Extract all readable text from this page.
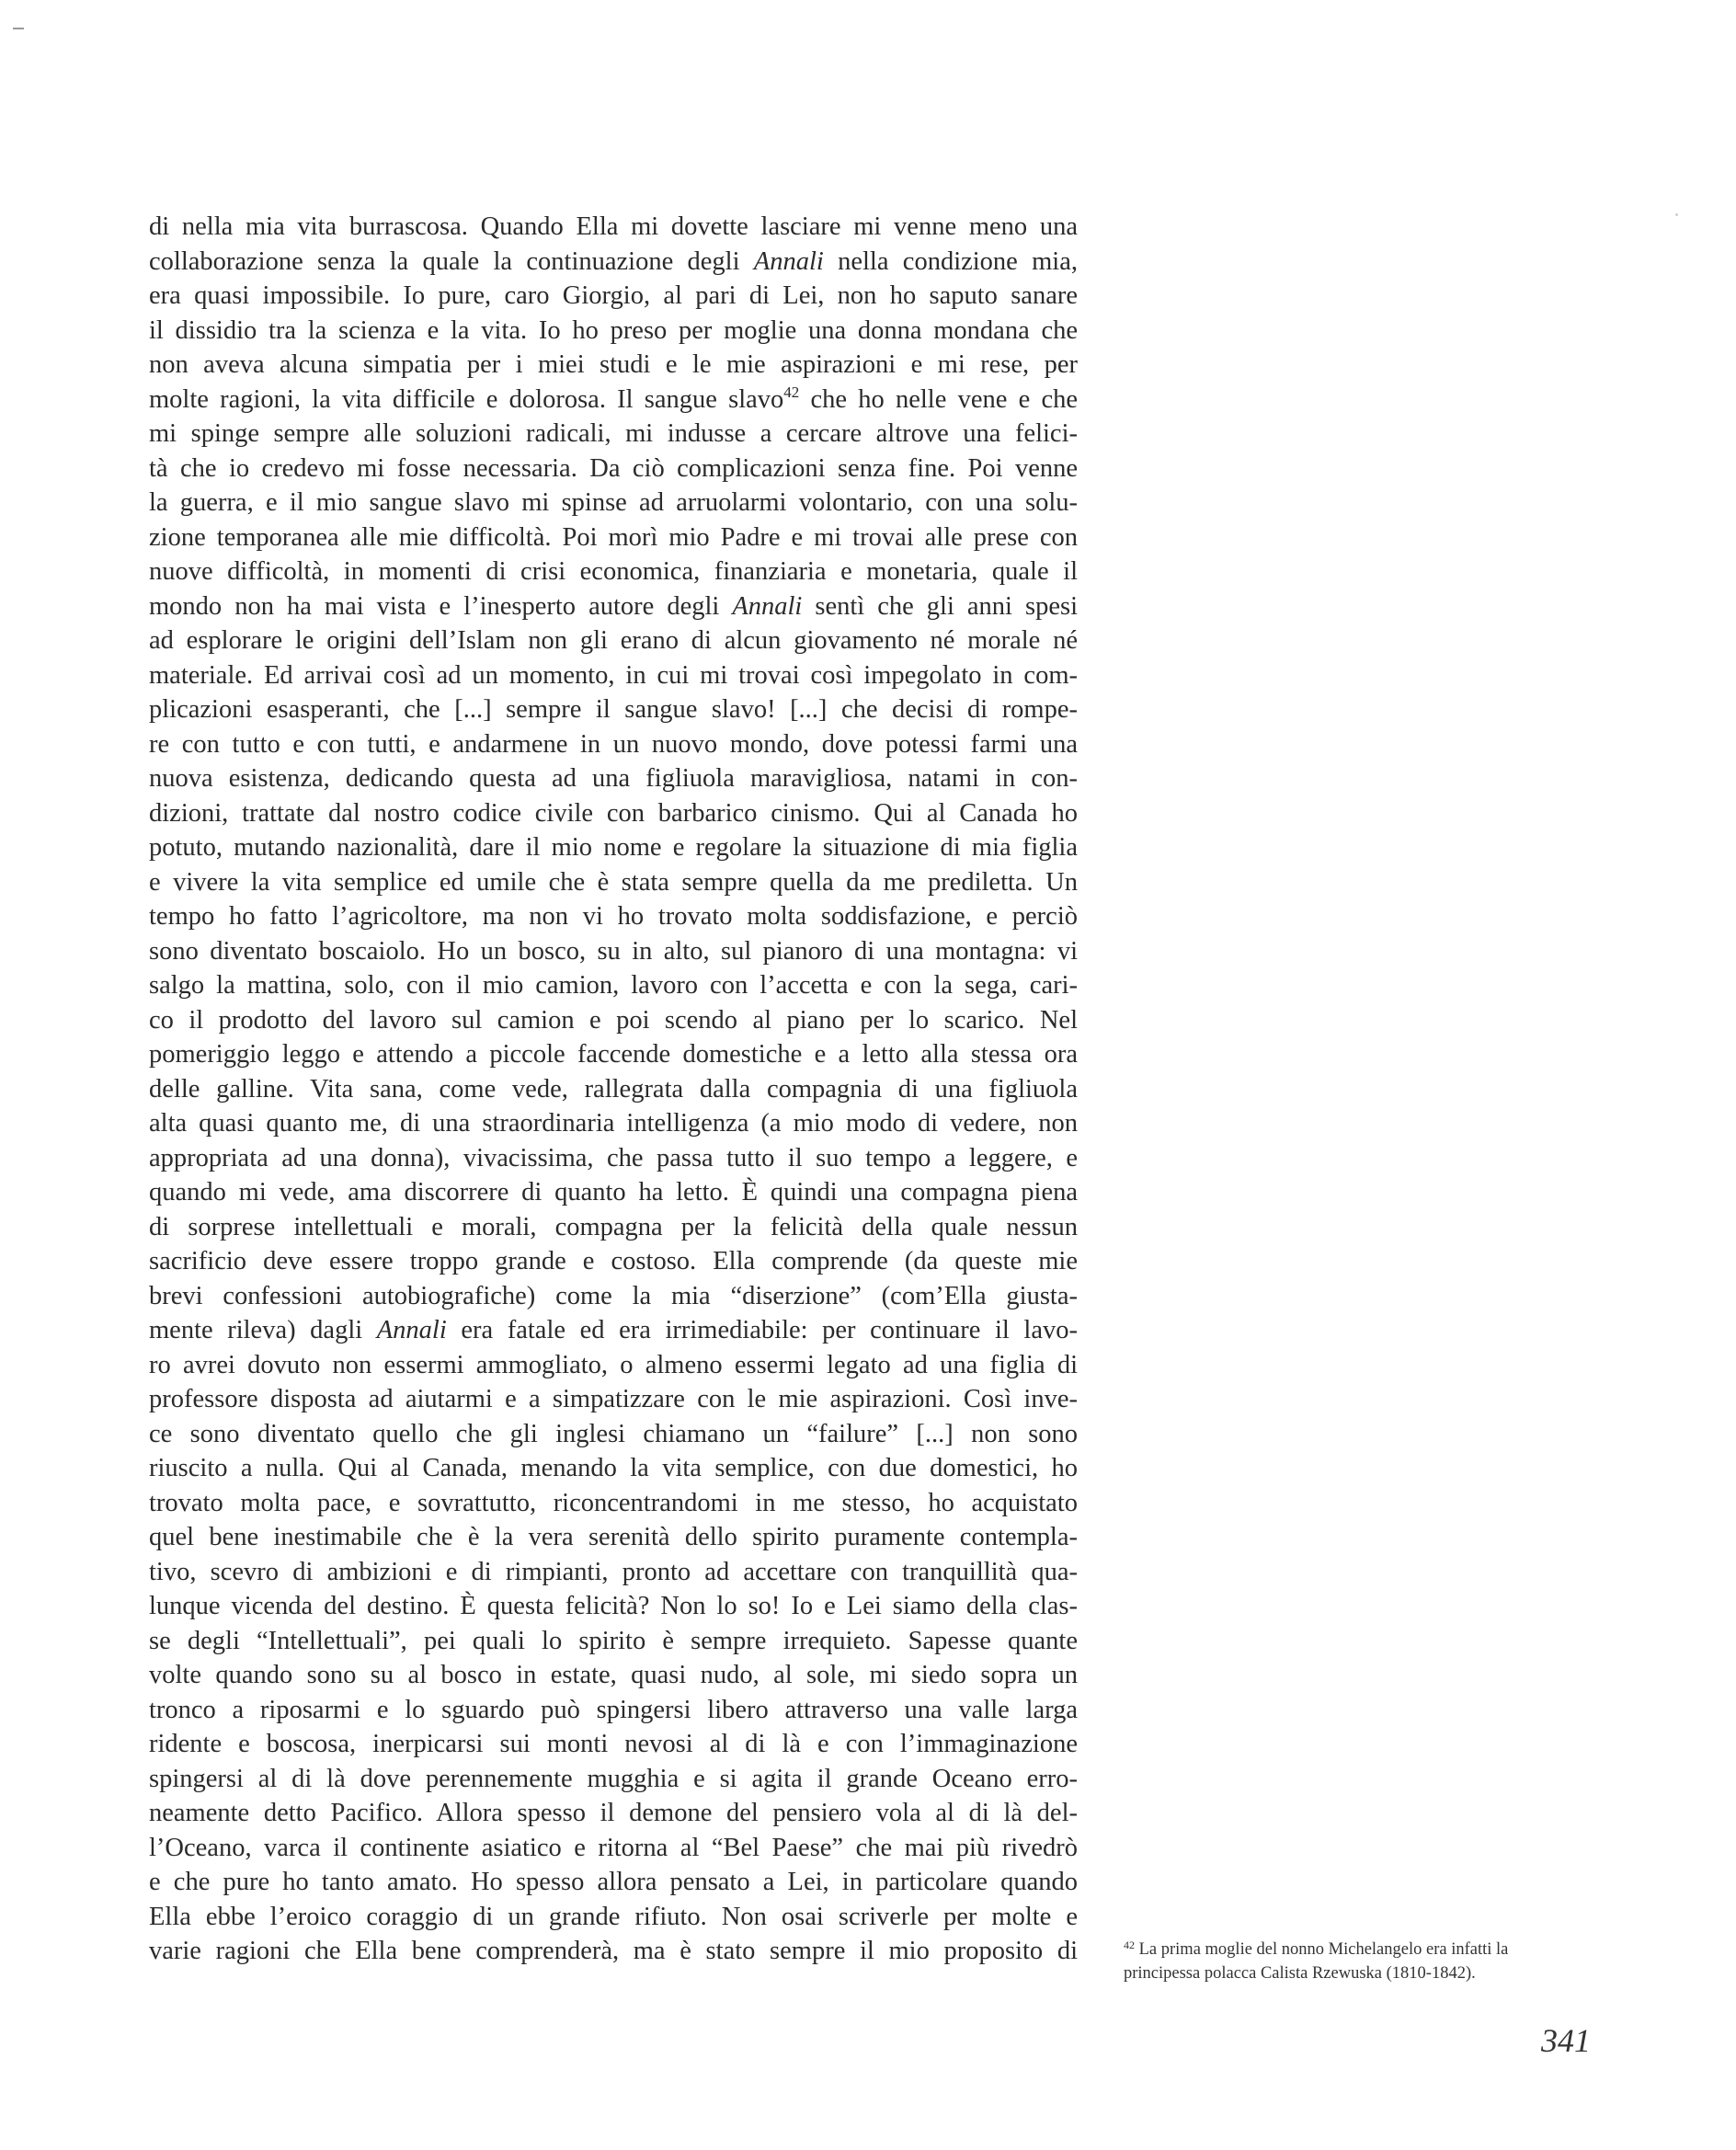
di nella mia vita burrascosa. Quando Ella mi dovette lasciare mi venne meno una
collaborazione senza la quale la continuazione degli Annali nella condizione mia,
era quasi impossibile. Io pure, caro Giorgio, al pari di Lei, non ho saputo sanare
il dissidio tra la scienza e la vita. Io ho preso per moglie una donna mondana che
non aveva alcuna simpatia per i miei studi e le mie aspirazioni e mi rese, per
molte ragioni, la vita difficile e dolorosa. Il sangue slavo$^{42}$ che ho nelle vene e che
mi spinge sempre alle soluzioni radicali, mi indusse a cercare altrove una felici-
tà che io credevo mi fosse necessaria. Da ciò complicazioni senza fine. Poi venne
la guerra, e il mio sangue slavo mi spinse ad arruolarmi volontario, con una solu-
zione temporanea alle mie difficoltà. Poi morì mio Padre e mi trovai alle prese con
nuove difficoltà, in momenti di crisi economica, finanziaria e monetaria, quale il
mondo non ha mai vista e l’inesperto autore degli Annali sentì che gli anni spesi
ad esplorare le origini dell’Islam non gli erano di alcun giovamento né morale né
materiale. Ed arrivai così ad un momento, in cui mi trovai così impegolato in com-
plicazioni esasperanti, che [...] sempre il sangue slavo! [...] che decisi di rompe-
re con tutto e con tutti, e andarmene in un nuovo mondo, dove potessi farmi una
nuova esistenza, dedicando questa ad una figliuola maravigliosa, natami in con-
dizioni, trattate dal nostro codice civile con barbarico cinismo. Qui al Canada ho
potuto, mutando nazionalità, dare il mio nome e regolare la situazione di mia figlia
e vivere la vita semplice ed umile che è stata sempre quella da me prediletta. Un
tempo ho fatto l’agricoltore, ma non vi ho trovato molta soddisfazione, e perciò
sono diventato boscaiolo. Ho un bosco, su in alto, sul pianoro di una montagna: vi
salgo la mattina, solo, con il mio camion, lavoro con l’accetta e con la sega, cari-
co il prodotto del lavoro sul camion e poi scendo al piano per lo scarico. Nel
pomeriggio leggo e attendo a piccole faccende domestiche e a letto alla stessa ora
delle galline. Vita sana, come vede, rallegrata dalla compagnia di una figliuola
alta quasi quanto me, di una straordinaria intelligenza (a mio modo di vedere, non
appropriata ad una donna), vivacissima, che passa tutto il suo tempo a leggere, e
quando mi vede, ama discorrere di quanto ha letto. È quindi una compagna piena
di sorprese intellettuali e morali, compagna per la felicità della quale nessun
sacrificio deve essere troppo grande e costoso. Ella comprende (da queste mie
brevi confessioni autobiografiche) come la mia “diserzione” (com’Ella giusta-
mente rileva) dagli Annali era fatale ed era irrimediabile: per continuare il lavo-
ro avrei dovuto non essermi ammogliato, o almeno essermi legato ad una figlia di
professore disposta ad aiutarmi e a simpatizzare con le mie aspirazioni. Così inve-
ce sono diventato quello che gli inglesi chiamano un “failure” [...] non sono
riuscito a nulla. Qui al Canada, menando la vita semplice, con due domestici, ho
trovato molta pace, e sovrattutto, riconcentrandomi in me stesso, ho acquistato
quel bene inestimabile che è la vera serenità dello spirito puramente contempla-
tivo, scevro di ambizioni e di rimpianti, pronto ad accettare con tranquillità qua-
lunque vicenda del destino. È questa felicità? Non lo so! Io e Lei siamo della clas-
se degli “Intellettuali”, pei quali lo spirito è sempre irrequieto. Sapesse quante
volte quando sono su al bosco in estate, quasi nudo, al sole, mi siedo sopra un
tronco a riposarmi e lo sguardo può spingersi libero attraverso una valle larga
ridente e boscosa, inerpicarsi sui monti nevosi al di là e con l’immaginazione
spingersi al di là dove perennemente mugghia e si agita il grande Oceano erro-
neamente detto Pacifico. Allora spesso il demone del pensiero vola al di là del-
l’Oceano, varca il continente asiatico e ritorna al “Bel Paese” che mai più rivedrò
e che pure ho tanto amato. Ho spesso allora pensato a Lei, in particolare quando
Ella ebbe l’eroico coraggio di un grande rifiuto. Non osai scriverle per molte e
varie ragioni che Ella bene comprenderà, ma è stato sempre il mio proposito di	$^{42}$ La prima moglie del nonno Michelangelo era infatti la
principessa polacca Calista Rzewuska (1810-1842).
341
